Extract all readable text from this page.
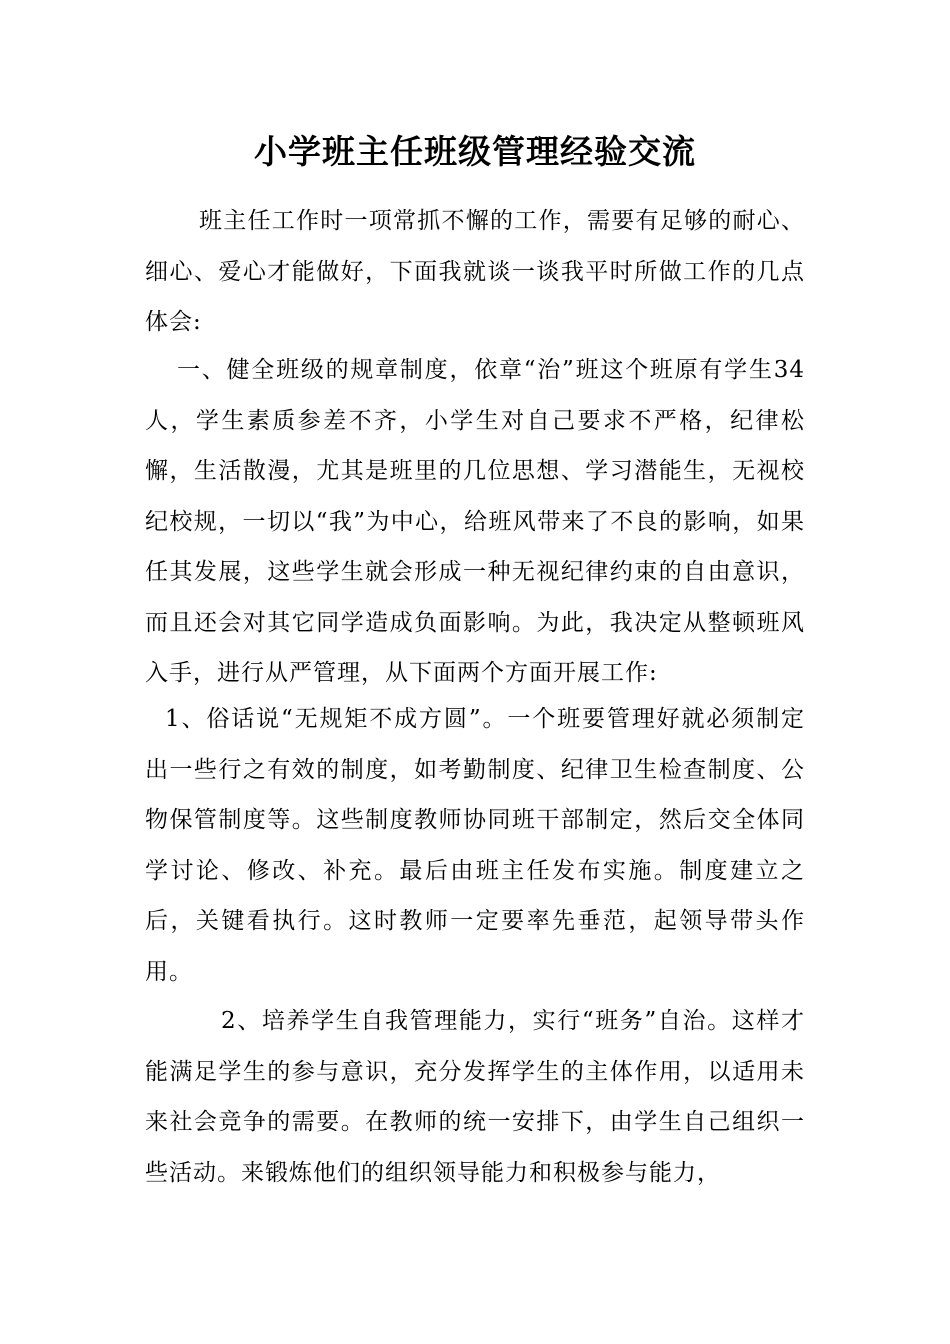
小学班主任班级管理经验交流
班主任工作时一项常抓不懈的工作，需要有足够的耐心、细心、爱心才能做好，下面我就谈一谈我平时所做工作的几点体会:
一、健全班级的规章制度，依章“治”班这个班原有学生34人，学生素质参差不齐，小学生对自己要求不严格，纪律松懈，生活散漫，尤其是班里的几位思想、学习潜能生，无视校纪校规，一切以“我”为中心，给班风带来了不良的影响，如果任其发展，这些学生就会形成一种无视纪律约束的自由意识，而且还会对其它同学造成负面影响。为此，我决定从整顿班风入手，进行从严管理，从下面两个方面开展工作:
1、俗话说“无规矩不成方圆”。一个班要管理好就必须制定出一些行之有效的制度，如考勤制度、纪律卫生检查制度、公物保管制度等。这些制度教师协同班干部制定，然后交全体同学讨论、修改、补充。最后由班主任发布实施。制度建立之后，关键看执行。这时教师一定要率先垂范，起领导带头作用。
2、培养学生自我管理能力，实行“班务”自治。这样才能满足学生的参与意识，充分发挥学生的主体作用，以适用未来社会竞争的需要。在教师的统一安排下，由学生自己组织一些活动。来锻炼他们的组织领导能力和积极参与能力，
